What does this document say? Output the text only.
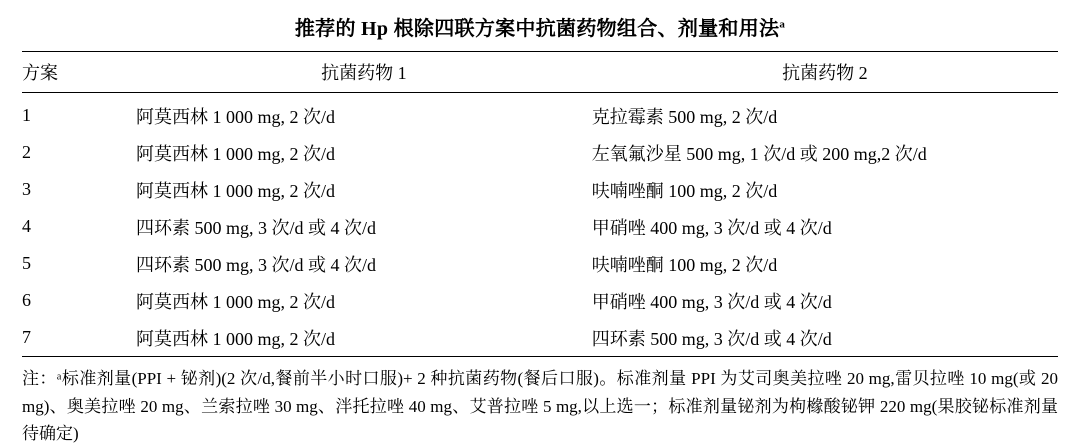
推荐的 Hp 根除四联方案中抗菌药物组合、剂量和用法$^a$
方案	抗菌药物 1	抗菌药物 2
1	阿莫西林 1 000 mg, 2 次/d	克拉霉素 500 mg, 2 次/d
2	阿莫西林 1 000 mg, 2 次/d	左氧氟沙星 500 mg, 1 次/d 或 200 mg,2 次/d
3	阿莫西林 1 000 mg, 2 次/d	呋喃唑酮 100 mg, 2 次/d
4	四环素 500 mg, 3 次/d 或 4 次/d	甲硝唑 400 mg, 3 次/d 或 4 次/d
5	四环素 500 mg, 3 次/d 或 4 次/d	呋喃唑酮 100 mg, 2 次/d
6	阿莫西林 1 000 mg, 2 次/d	甲硝唑 400 mg, 3 次/d 或 4 次/d
7	阿莫西林 1 000 mg, 2 次/d	四环素 500 mg, 3 次/d 或 4 次/d
注：ᵃ标准剂量(PPI + 铋剂)(2 次/d,餐前半小时口服)+ 2 种抗菌药物(餐后口服)。标准剂量 PPI 为艾司奥美拉唑 20 mg,雷贝拉唑 10 mg(或 20 mg)、奥美拉唑 20 mg、兰索拉唑 30 mg、泮托拉唑 40 mg、艾普拉唑 5 mg,以上选一；标准剂量铋剂为枸橼酸铋钾 220 mg(果胶铋标准剂量待确定)
